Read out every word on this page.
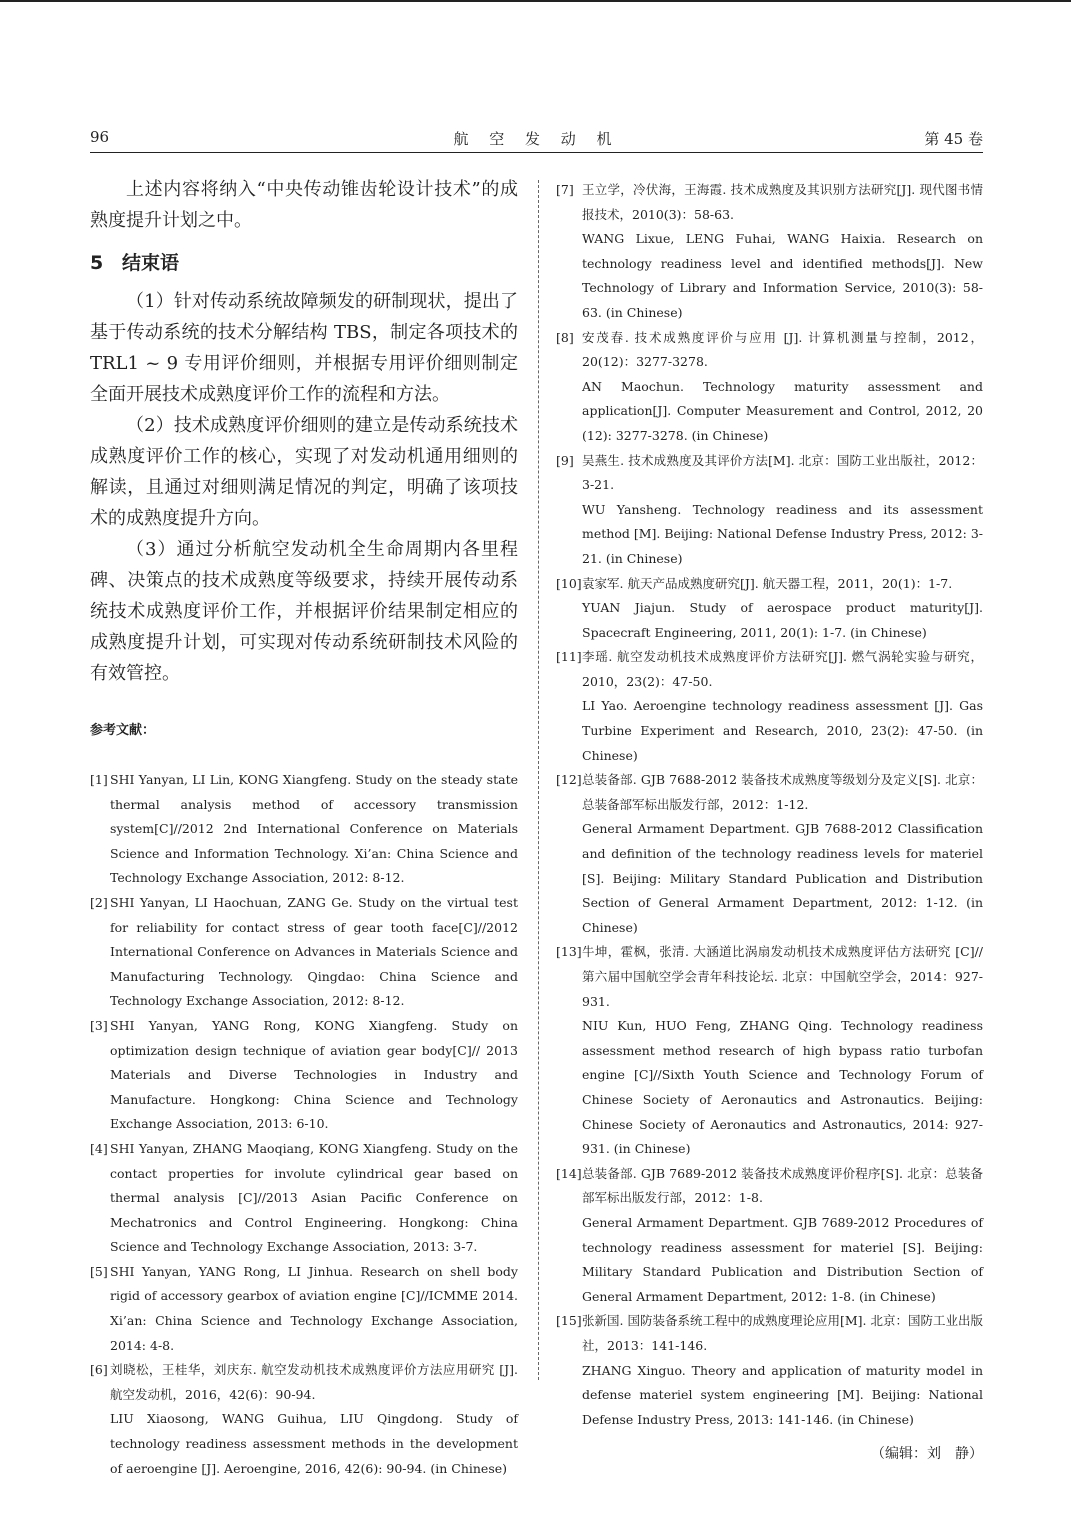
96	航 空 发 动 机	第 45 卷

上述内容将纳入“中央传动锥齿轮设计技术”的成熟度提升计划之中。

5 结束语

（1）针对传动系统故障频发的研制现状，提出了基于传动系统的技术分解结构 TBS，制定各项技术的 TRL1 ~ 9 专用评价细则，并根据专用评价细则制定全面开展技术成熟度评价工作的流程和方法。

（2）技术成熟度评价细则的建立是传动系统技术成熟度评价工作的核心，实现了对发动机通用细则的解读，且通过对细则满足情况的判定，明确了该项技术的成熟度提升方向。

（3）通过分析航空发动机全生命周期内各里程碑、决策点的技术成熟度等级要求，持续开展传动系统技术成熟度评价工作，并根据评价结果制定相应的成熟度提升计划，可实现对传动系统研制技术风险的有效管控。

参考文献：

[1] SHI Yanyan, LI Lin, KONG Xiangfeng. Study on the steady state thermal analysis method of accessory transmission system[C]//2012 2nd International Conference on Materials Science and Information Technology. Xi’an: China Science and Technology Exchange Association, 2012: 8-12.

[2] SHI Yanyan, LI Haochuan, ZANG Ge. Study on the virtual test for reliability for contact stress of gear tooth face[C]//2012 International Conference on Advances in Materials Science and Manufacturing Technology. Qingdao: China Science and Technology Exchange Association, 2012: 8-12.

[3] SHI Yanyan, YANG Rong, KONG Xiangfeng. Study on optimization design technique of aviation gear body[C]// 2013 Materials and Diverse Technologies in Industry and Manufacture. Hongkong: China Science and Technology Exchange Association, 2013: 6-10.

[4] SHI Yanyan, ZHANG Maoqiang, KONG Xiangfeng. Study on the contact properties for involute cylindrical gear based on thermal analysis [C]//2013 Asian Pacific Conference on Mechatronics and Control Engineering. Hongkong: China Science and Technology Exchange Association, 2013: 3-7.

[5] SHI Yanyan, YANG Rong, LI Jinhua. Research on shell body rigid of accessory gearbox of aviation engine [C]//ICMME 2014. Xi’an: China Science and Technology Exchange Association, 2014: 4-8.

[6] 刘晓松，王桂华，刘庆东. 航空发动机技术成熟度评价方法应用研究 [J]. 航空发动机，2016，42(6)：90-94.

LIU Xiaosong, WANG Guihua, LIU Qingdong. Study of technology readiness assessment methods in the development of aeroengine [J]. Aeroengine, 2016, 42(6): 90-94. (in Chinese)

[7] 王立学，冷伏海，王海霞. 技术成熟度及其识别方法研究[J]. 现代图书情报技术，2010(3)：58-63.
WANG Lixue, LENG Fuhai, WANG Haixia. Research on technology readiness level and identified methods[J]. New Technology of Library and Information Service, 2010(3): 58-63. (in Chinese)

[8] 安茂春. 技术成熟度评价与应用 [J]. 计算机测量与控制，2012，20(12)：3277-3278.
AN Maochun. Technology maturity assessment and application[J]. Computer Measurement and Control, 2012, 20 (12): 3277-3278. (in Chinese)

[9] 吴燕生. 技术成熟度及其评价方法[M]. 北京：国防工业出版社，2012：3-21.
WU Yansheng. Technology readiness and its assessment method [M]. Beijing: National Defense Industry Press, 2012: 3-21. (in Chinese)

[10] 袁家军. 航天产品成熟度研究[J]. 航天器工程，2011，20(1)：1-7.
YUAN Jiajun. Study of aerospace product maturity[J]. Spacecraft Engineering, 2011, 20(1): 1-7. (in Chinese)

[11] 李瑶. 航空发动机技术成熟度评价方法研究[J]. 燃气涡轮实验与研究，2010，23(2)：47-50.
LI Yao. Aeroengine technology readiness assessment [J]. Gas Turbine Experiment and Research, 2010, 23(2): 47-50. (in Chinese)

[12] 总装备部. GJB 7688-2012 装备技术成熟度等级划分及定义[S]. 北京：总装备部军标出版发行部，2012：1-12.
General Armament Department. GJB 7688-2012 Classification and definition of the technology readiness levels for materiel [S]. Beijing: Military Standard Publication and Distribution Section of General Armament Department, 2012: 1-12. (in Chinese)

[13] 牛坤，霍枫，张清. 大涵道比涡扇发动机技术成熟度评估方法研究 [C]// 第六届中国航空学会青年科技论坛. 北京：中国航空学会，2014：927-931.
NIU Kun, HUO Feng, ZHANG Qing. Technology readiness assessment method research of high bypass ratio turbofan engine [C]//Sixth Youth Science and Technology Forum of Chinese Society of Aeronautics and Astronautics. Beijing: Chinese Society of Aeronautics and Astronautics, 2014: 927-931. (in Chinese)

[14] 总装备部. GJB 7689-2012 装备技术成熟度评价程序[S]. 北京：总装备部军标出版发行部，2012：1-8.
General Armament Department. GJB 7689-2012 Procedures of technology readiness assessment for materiel [S]. Beijing: Military Standard Publication and Distribution Section of General Armament Department, 2012: 1-8. (in Chinese)

[15] 张新国. 国防装备系统工程中的成熟度理论应用[M]. 北京：国防工业出版社，2013：141-146.
ZHANG Xinguo. Theory and application of maturity model in defense materiel system engineering [M]. Beijing: National Defense Industry Press, 2013: 141-146. (in Chinese)

（编辑：刘　静）
